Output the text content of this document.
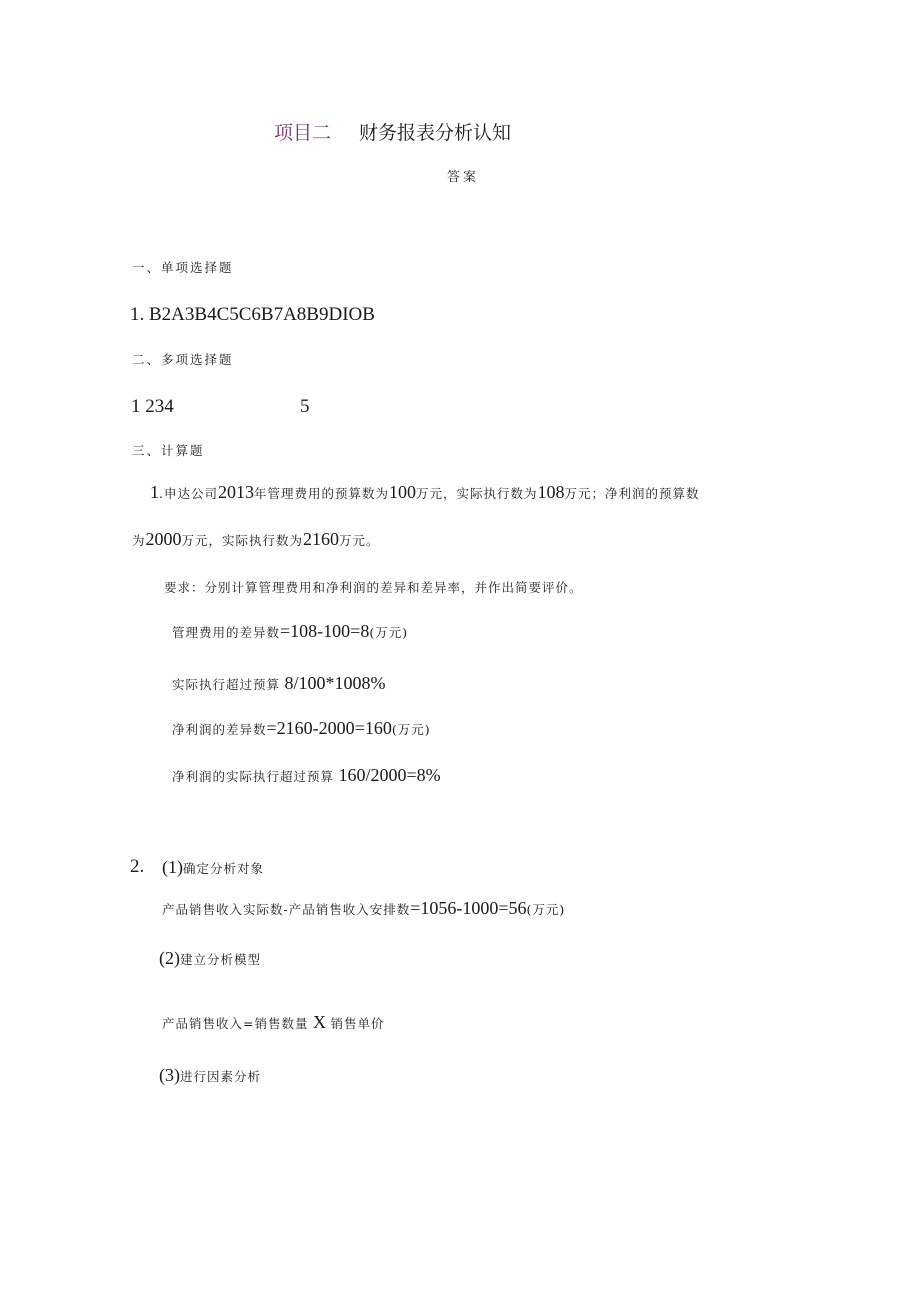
项目二 财务报表分析认知
答案
一、单项选择题
1. B2A3B4C5C6B7A8B9DIOB
二、多项选择题
1 234	5
三、计算题
1.申达公司2013年管理费用的预算数为100万元，实际执行数为108万元；净利润的预算数
为2000万元，实际执行数为2160万元。
要求：分别计算管理费用和净利润的差异和差异率，并作出简要评价。
管理费用的差异数=108-100=8(万元)
实际执行超过预算 8/100*1008%
净利润的差异数=2160-2000=160(万元)
净利润的实际执行超过预算 160/2000=8%
2. (1)确定分析对象
产品销售收入实际数-产品销售收入安排数=1056-1000=56(万元)
(2)建立分析模型
产品销售收入=销售数量 X 销售单价
(3)进行因素分析
